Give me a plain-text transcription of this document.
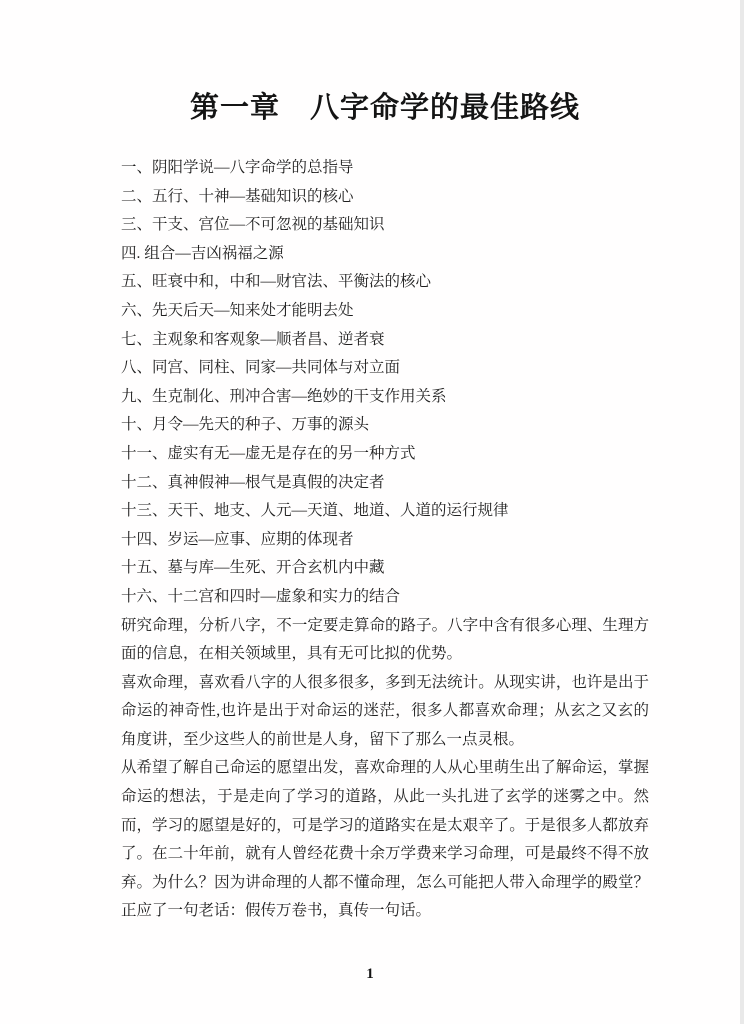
第一章　八字命学的最佳路线
一、阴阳学说—八字命学的总指导
二、五行、十神—基础知识的核心
三、干支、宫位—不可忽视的基础知识
四. 组合—吉凶祸福之源
五、旺衰中和，中和—财官法、平衡法的核心
六、先天后天—知来处才能明去处
七、主观象和客观象—顺者昌、逆者衰
八、同宫、同柱、同家—共同体与对立面
九、生克制化、刑冲合害—绝妙的干支作用关系
十、月令—先天的种子、万事的源头
十一、虚实有无—虚无是存在的另一种方式
十二、真神假神—根气是真假的决定者
十三、天干、地支、人元—天道、地道、人道的运行规律
十四、岁运—应事、应期的体现者
十五、墓与库—生死、开合玄机内中藏
十六、十二宫和四时—虚象和实力的结合

研究命理，分析八字，不一定要走算命的路子。八字中含有很多心理、生理方面的信息，在相关领域里，具有无可比拟的优势。

喜欢命理，喜欢看八字的人很多很多，多到无法统计。从现实讲，也许是出于命运的神奇性,也许是出于对命运的迷茫，很多人都喜欢命理；从玄之又玄的角度讲，至少这些人的前世是人身，留下了那么一点灵根。

从希望了解自己命运的愿望出发，喜欢命理的人从心里萌生出了解命运，掌握命运的想法，于是走向了学习的道路，从此一头扎进了玄学的迷雾之中。然而，学习的愿望是好的，可是学习的道路实在是太艰辛了。于是很多人都放弃了。在二十年前，就有人曾经花费十余万学费来学习命理，可是最终不得不放弃。为什么？因为讲命理的人都不懂命理，怎么可能把人带入命理学的殿堂？正应了一句老话：假传万卷书，真传一句话。

1
